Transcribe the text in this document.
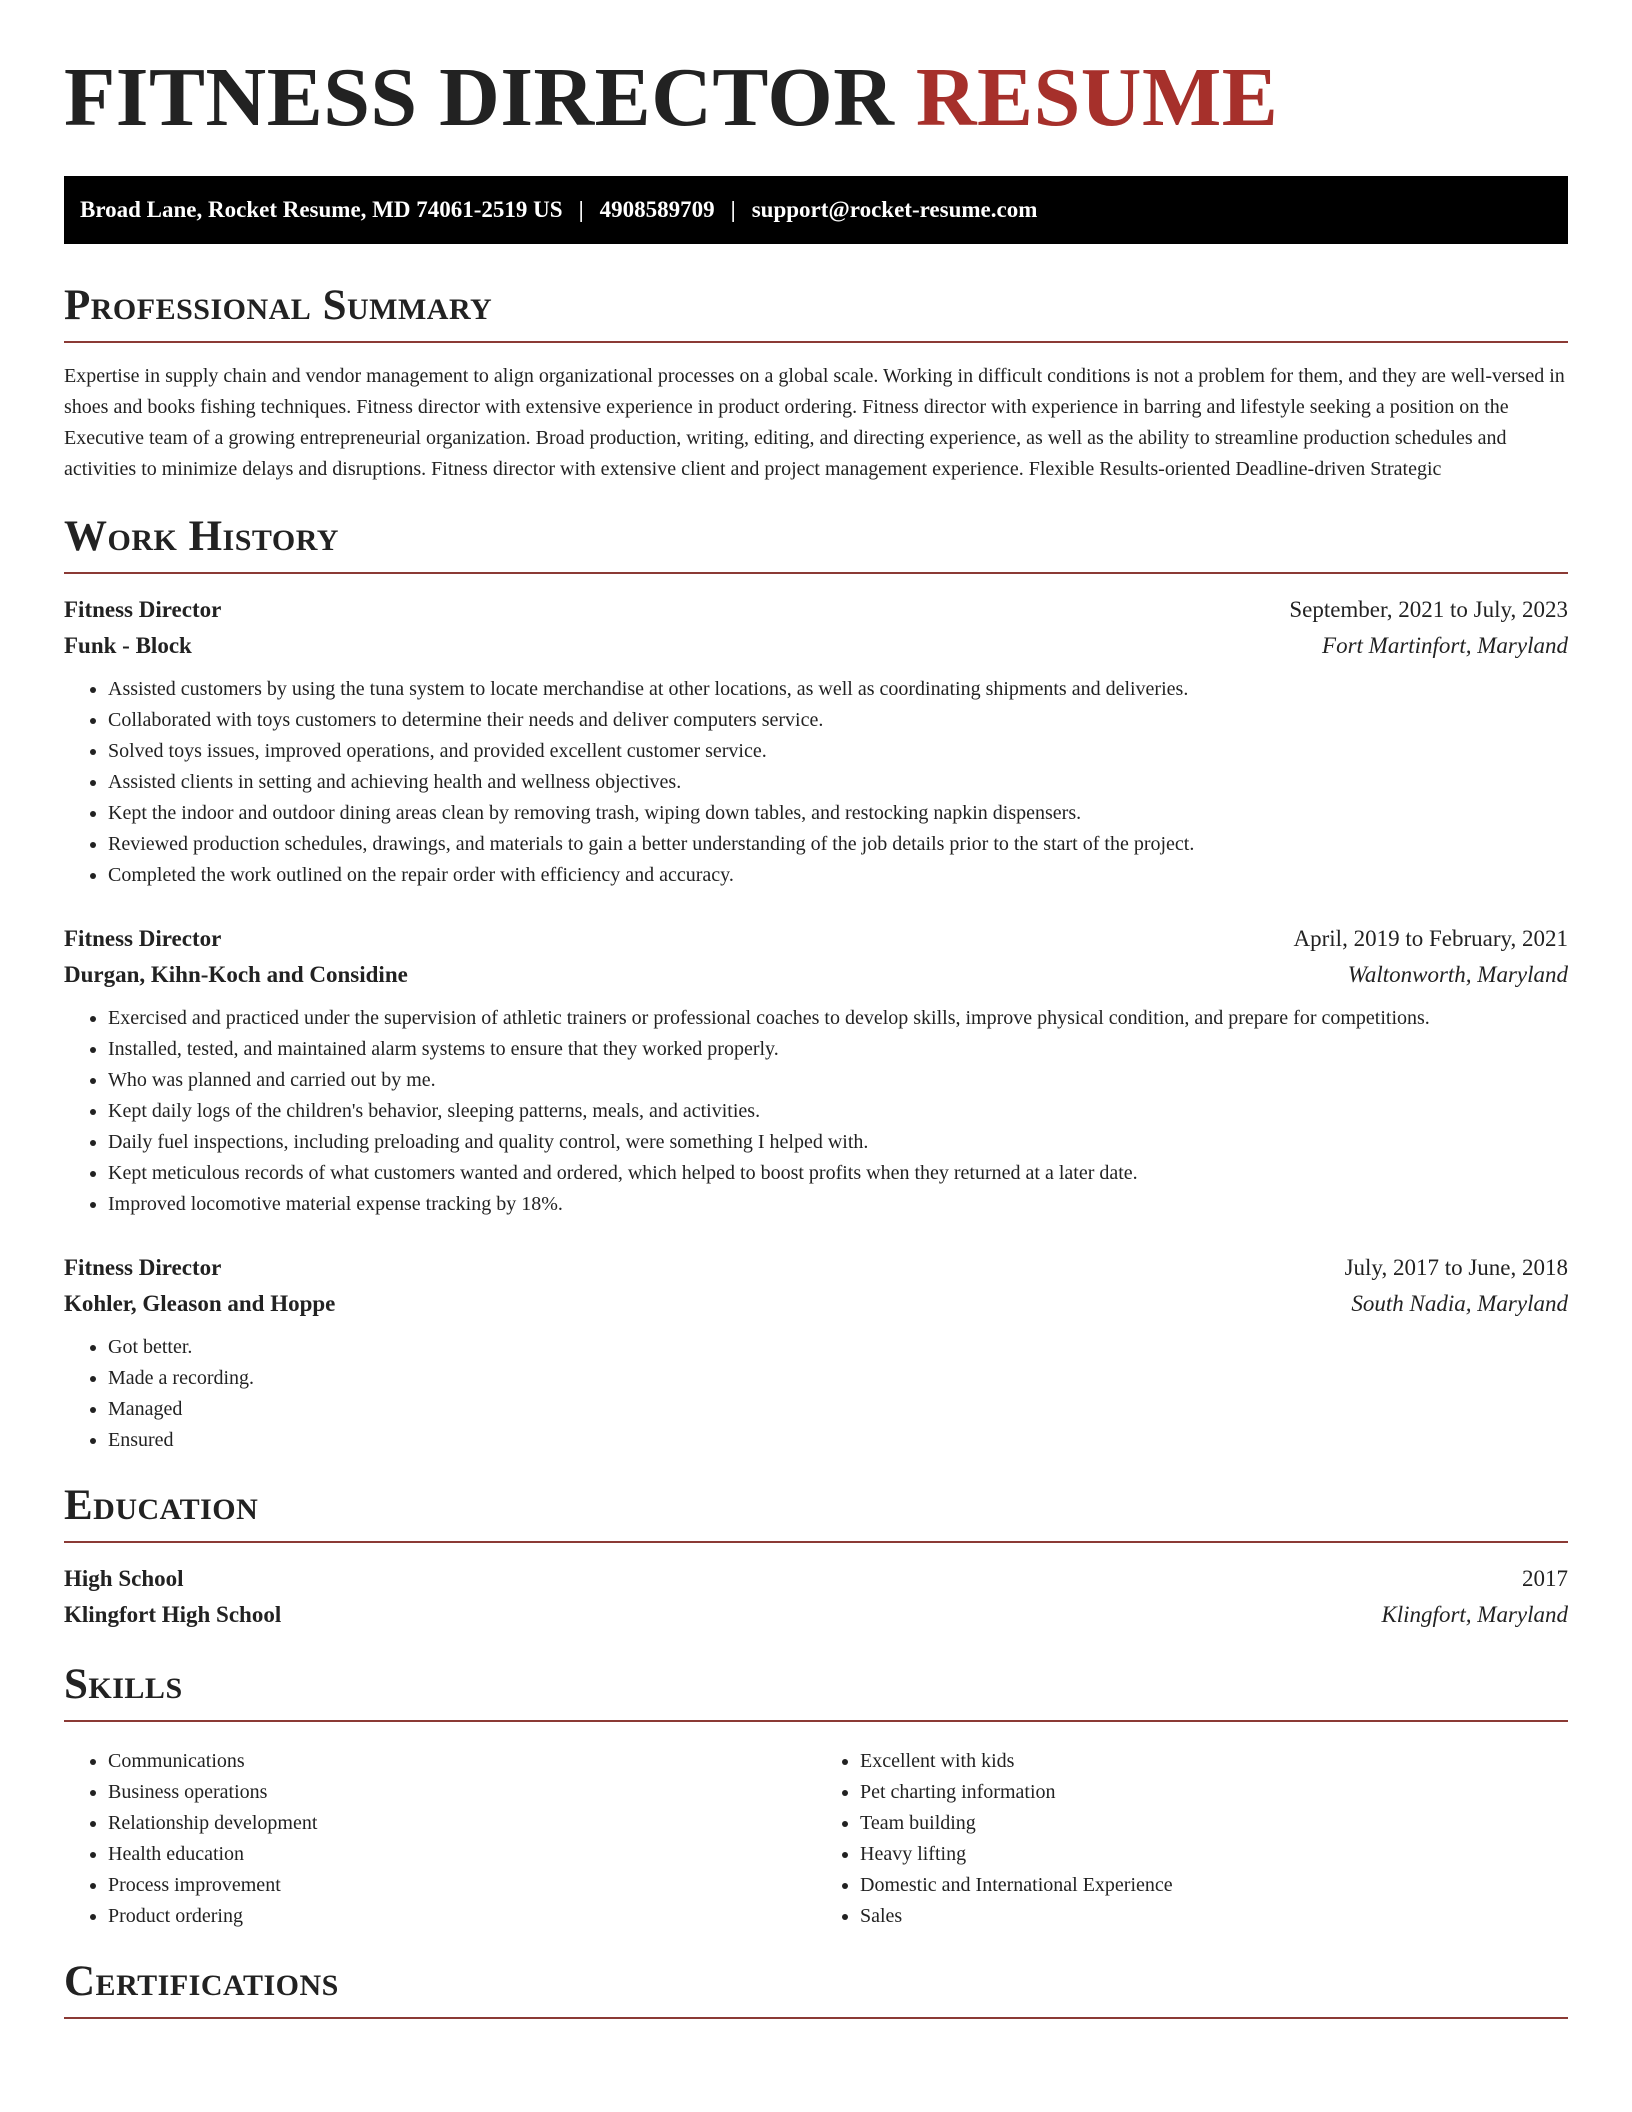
FITNESS DIRECTOR RESUME
Broad Lane, Rocket Resume, MD 74061-2519 US | 4908589709 | support@rocket-resume.com
Professional Summary

Expertise in supply chain and vendor management to align organizational processes on a global scale. Working in difficult conditions is not a problem for them, and they are well-versed in shoes and books fishing techniques. Fitness director with extensive experience in product ordering. Fitness director with experience in barring and lifestyle seeking a position on the Executive team of a growing entrepreneurial organization. Broad production, writing, editing, and directing experience, as well as the ability to streamline production schedules and activities to minimize delays and disruptions. Fitness director with extensive client and project management experience. Flexible Results-oriented Deadline-driven Strategic

Work History
Fitness Director	September, 2021 to July, 2023
Funk - Block	Fort Martinfort, Maryland
• Assisted customers by using the tuna system to locate merchandise at other locations, as well as coordinating shipments and deliveries.
• Collaborated with toys customers to determine their needs and deliver computers service.
• Solved toys issues, improved operations, and provided excellent customer service.
• Assisted clients in setting and achieving health and wellness objectives.
• Kept the indoor and outdoor dining areas clean by removing trash, wiping down tables, and restocking napkin dispensers.
• Reviewed production schedules, drawings, and materials to gain a better understanding of the job details prior to the start of the project.
• Completed the work outlined on the repair order with efficiency and accuracy.
Fitness Director	April, 2019 to February, 2021
Durgan, Kihn-Koch and Considine	Waltonworth, Maryland
• Exercised and practiced under the supervision of athletic trainers or professional coaches to develop skills, improve physical condition, and prepare for competitions.
• Installed, tested, and maintained alarm systems to ensure that they worked properly.
• Who was planned and carried out by me.
• Kept daily logs of the children's behavior, sleeping patterns, meals, and activities.
• Daily fuel inspections, including preloading and quality control, were something I helped with.
• Kept meticulous records of what customers wanted and ordered, which helped to boost profits when they returned at a later date.
• Improved locomotive material expense tracking by 18%.
Fitness Director	July, 2017 to June, 2018
Kohler, Gleason and Hoppe	South Nadia, Maryland
• Got better.
• Made a recording.
• Managed
• Ensured
Education
High School	2017
Klingfort High School	Klingfort, Maryland
Skills
• Communications
• Business operations
• Relationship development
• Health education
• Process improvement
• Product ordering
• Excellent with kids
• Pet charting information
• Team building
• Heavy lifting
• Domestic and International Experience
• Sales
Certifications
